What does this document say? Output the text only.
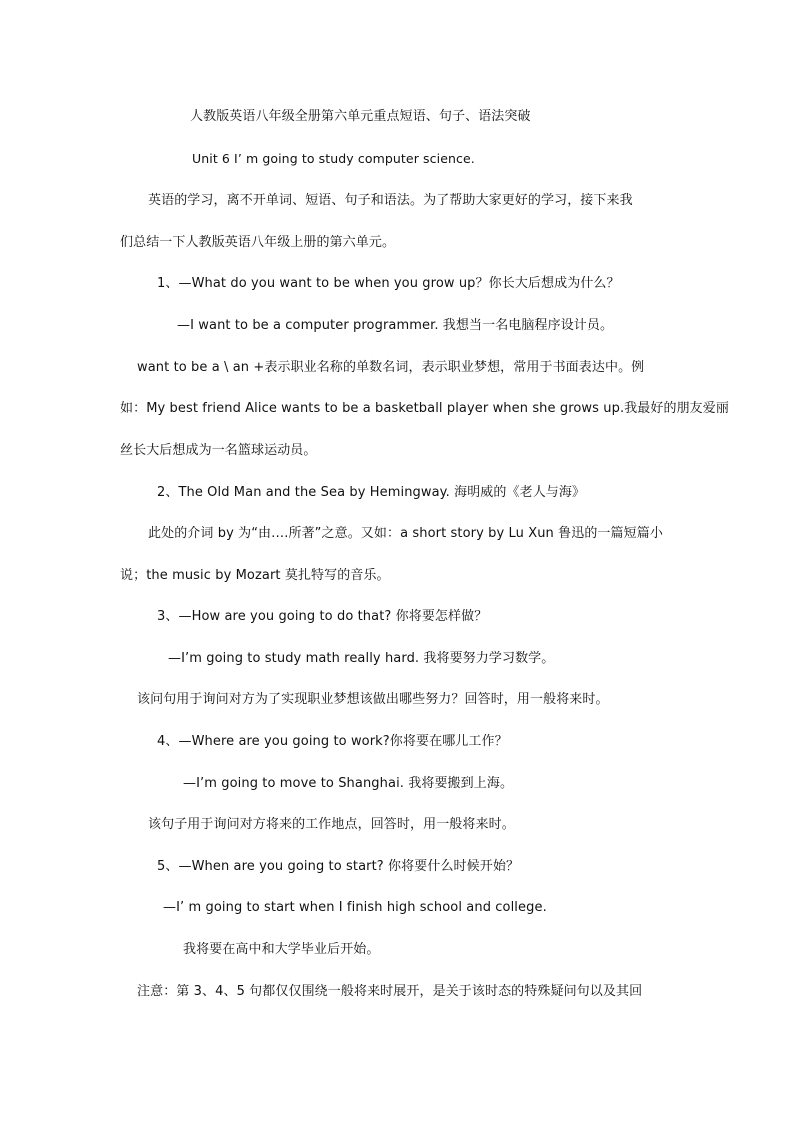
人教版英语八年级全册第六单元重点短语、句子、语法突破
Unit 6 I’ m going to study computer science.
英语的学习，离不开单词、短语、句子和语法。为了帮助大家更好的学习，接下来我
们总结一下人教版英语八年级上册的第六单元。
1、—What do you want to be when you grow up？你长大后想成为什么？
—I want to be a computer programmer. 我想当一名电脑程序设计员。
want to be a \ an +表示职业名称的单数名词，表示职业梦想，常用于书面表达中。例
如：My best friend Alice wants to be a basketball player when she grows up.我最好的朋友爱丽
丝长大后想成为一名篮球运动员。
2、The Old Man and the Sea by Hemingway. 海明威的《老人与海》
此处的介词 by 为“由….所著”之意。又如：a short story by Lu Xun 鲁迅的一篇短篇小
说；the music by Mozart 莫扎特写的音乐。
3、—How are you going to do that? 你将要怎样做？
—I’m going to study math really hard. 我将要努力学习数学。
该问句用于询问对方为了实现职业梦想该做出哪些努力？回答时，用一般将来时。
4、—Where are you going to work?你将要在哪儿工作？
—I’m going to move to Shanghai. 我将要搬到上海。
该句子用于询问对方将来的工作地点，回答时，用一般将来时。
5、—When are you going to start? 你将要什么时候开始？
—I’ m going to start when I finish high school and college.
我将要在高中和大学毕业后开始。
注意：第 3、4、5 句都仅仅围绕一般将来时展开，是关于该时态的特殊疑问句以及其回
